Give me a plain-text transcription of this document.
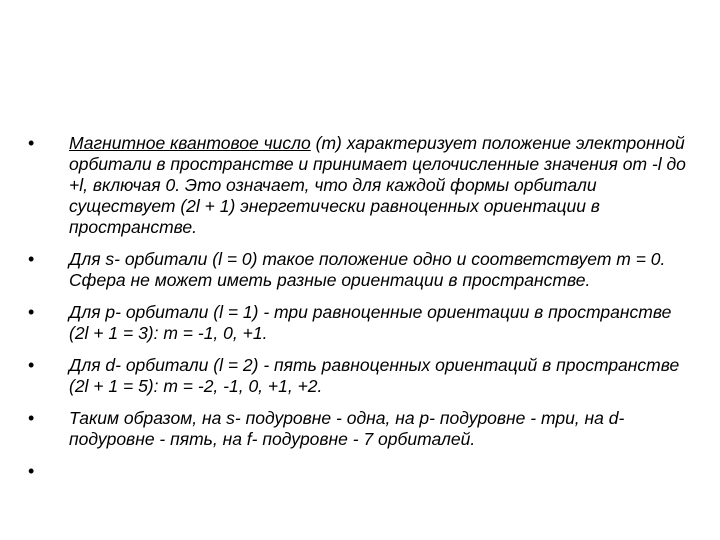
• Магнитное квантовое число (m) характеризует положение электронной орбитали в пространстве и принимает целочисленные значения от -l до +l, включая 0. Это означает, что для каждой формы орбитали существует (2l + 1) энергетически равноценных ориентации в пространстве.
• Для s- орбитали (l = 0) такое положение одно и соответствует m = 0. Сфера не может иметь разные ориентации в пространстве.
• Для p- орбитали (l = 1) - три равноценные ориентации в пространстве (2l + 1 = 3): m = -1, 0, +1.
• Для d- орбитали (l = 2) - пять равноценных ориентаций в пространстве (2l + 1 = 5): m = -2, -1, 0, +1, +2.
• Таким образом, на s- подуровне - одна, на p- подуровне - три, на d- подуровне - пять, на f- подуровне - 7 орбиталей.
•
